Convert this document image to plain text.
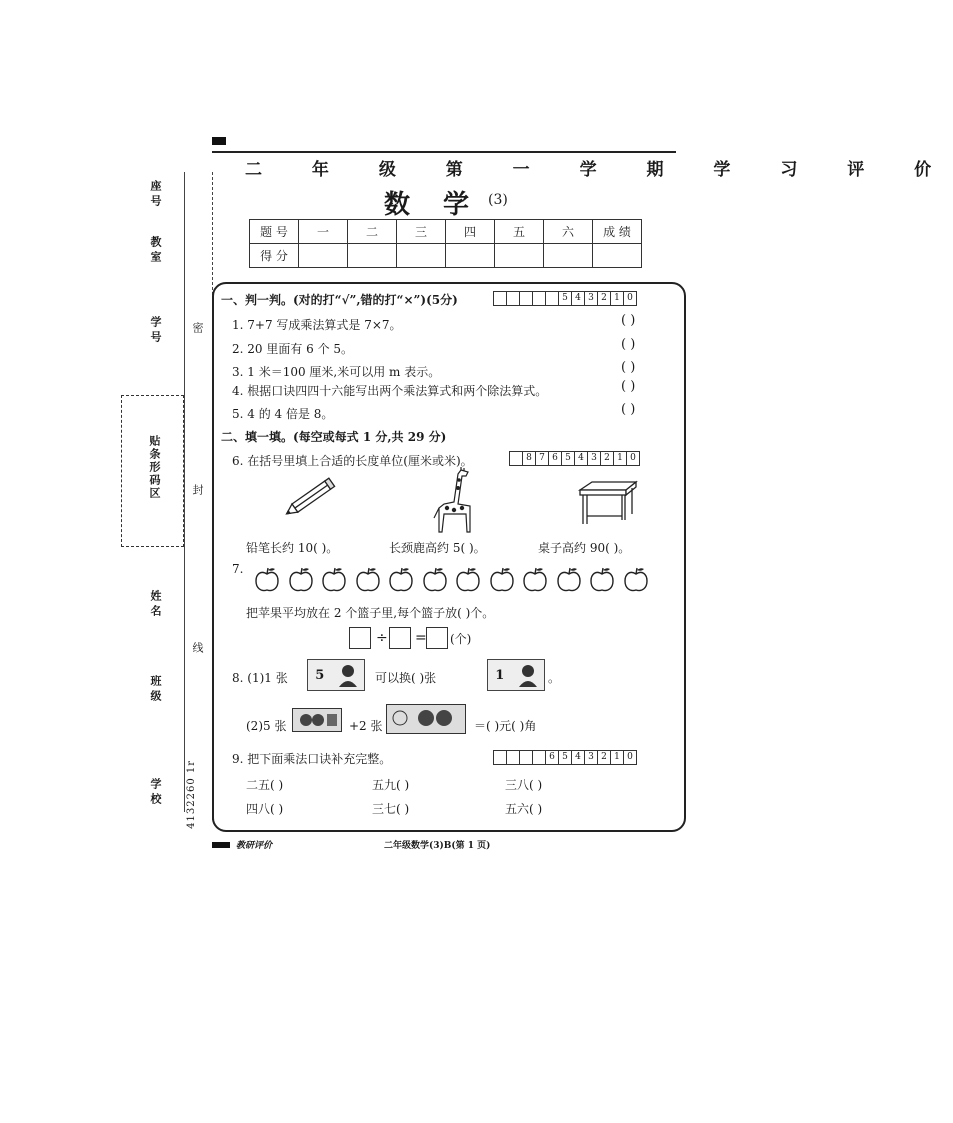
二 年 级 第 一 学 期 学 习 评 价
数 学 (3)
题 号	一	二	三	四	五	六	成 绩
得 分							
座号
教室
学号
贴条形码区
姓名
班级
学校
密
封
线
4132260 1r
一、判一判。(对的打“√”,错的打“×”)(5分)	5 4 3 2 1 0
1. 7+7 写成乘法算式是 7×7。	( )
2. 20 里面有 6 个 5。	( )
3. 1 米＝100 厘米,米可以用 m 表示。	( )
4. 根据口诀四四十六能写出两个乘法算式和两个除法算式。	( )
5. 4 的 4 倍是 8。	( )
二、填一填。(每空或每式 1 分,共 29 分)
6. 在括号里填上合适的长度单位(厘米或米)。	8 7 6 5 4 3 2 1 0
铅笔长约 10( )。	长颈鹿高约 5( )。	桌子高约 90( )。
7.
把苹果平均放在 2 个篮子里,每个篮子放( )个。
÷ = (个)
8. (1)1 张 5	可以换( )张	1	。
(2)5 张	+2 张	＝( )元( )角
9. 把下面乘法口诀补充完整。	6 5 4 3 2 1 0
二五( )	五九( )	三八( )
四八( )	三七( )	五六( )
教研评价	二年级数学(3)B(第 1 页)
